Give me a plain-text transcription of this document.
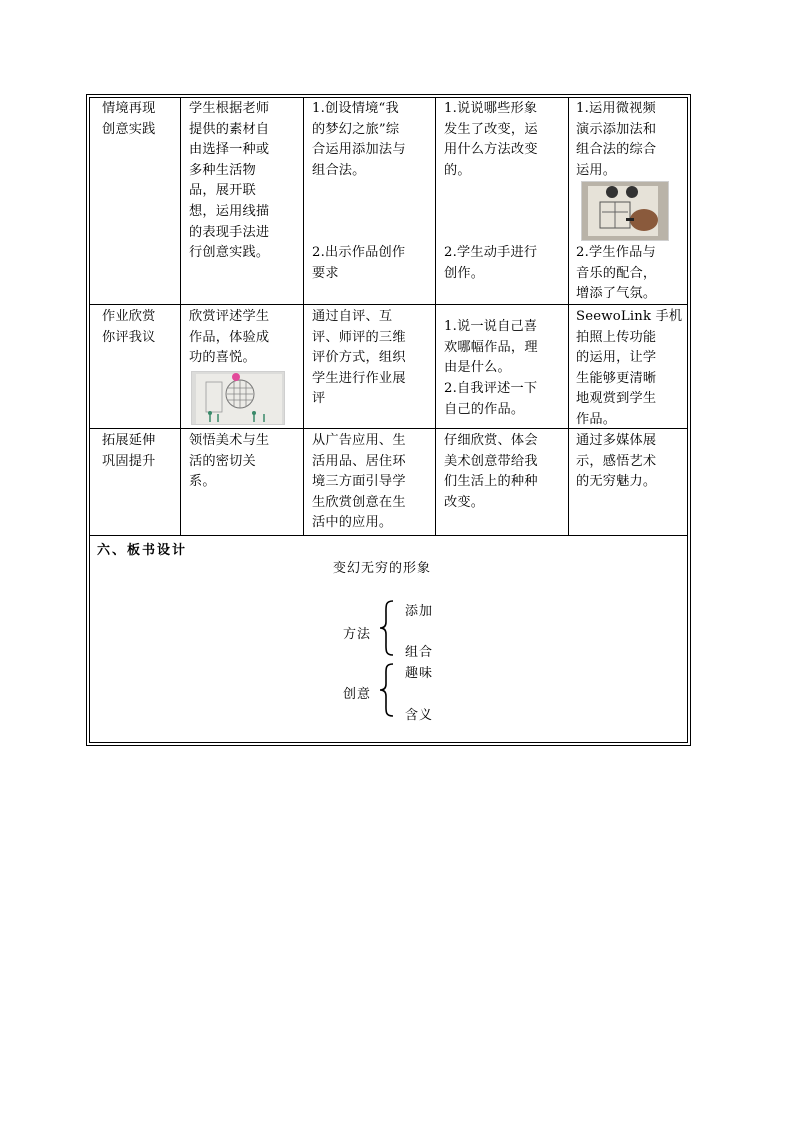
情境再现
创意实践
学生根据老师
提供的素材自
由选择一种或
多种生活物
品，展开联
想，运用线描
的表现手法进
行创意实践。
1.创设情境“我
的梦幻之旅”综
合运用添加法与
组合法。
2.出示作品创作
要求
1.说说哪些形象
发生了改变，运
用什么方法改变
的。
2.学生动手进行
创作。
1.运用微视频
演示添加法和
组合法的综合
运用。
2.学生作品与
音乐的配合，
增添了气氛。
作业欣赏
你评我议
欣赏评述学生
作品，体验成
功的喜悦。
通过自评、互
评、师评的三维
评价方式，组织
学生进行作业展
评
1.说一说自己喜
欢哪幅作品，理
由是什么。
2.自我评述一下
自己的作品。
SeewoLink 手机
拍照上传功能
的运用，让学
生能够更清晰
地观赏到学生
作品。
拓展延伸
巩固提升
领悟美术与生
活的密切关
系。
从广告应用、生
活用品、居住环
境三方面引导学
生欣赏创意在生
活中的应用。
仔细欣赏、体会
美术创意带给我
们生活上的种种
改变。
通过多媒体展
示，感悟艺术
的无穷魅力。
六、板书设计
变幻无穷的形象
方法
添加
组合
创意
趣味
含义
